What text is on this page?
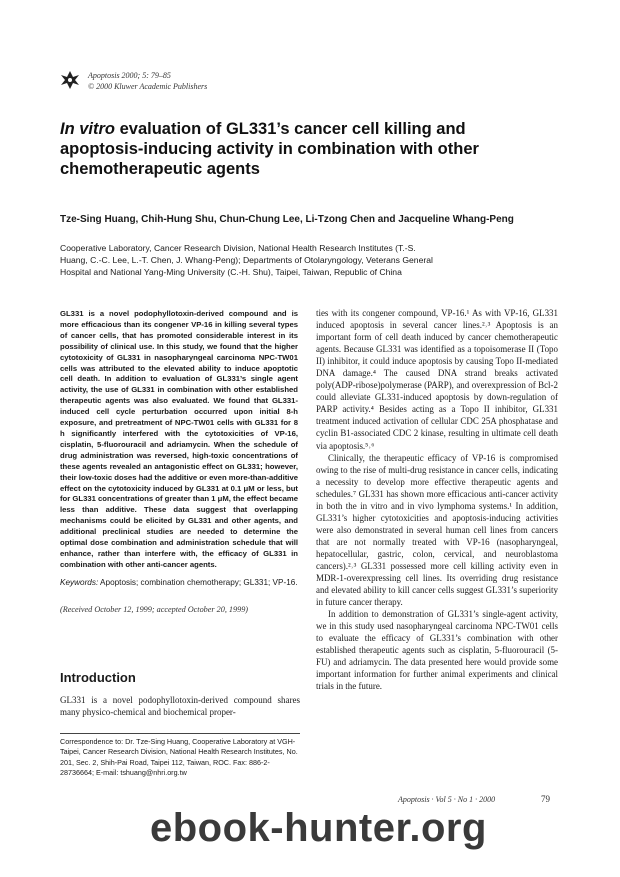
Apoptosis 2000; 5: 79–85
© 2000 Kluwer Academic Publishers
In vitro evaluation of GL331’s cancer cell killing and apoptosis-inducing activity in combination with other chemotherapeutic agents
Tze-Sing Huang, Chih-Hung Shu, Chun-Chung Lee, Li-Tzong Chen and Jacqueline Whang-Peng
Cooperative Laboratory, Cancer Research Division, National Health Research Institutes (T.-S. Huang, C.-C. Lee, L.-T. Chen, J. Whang-Peng); Departments of Otolaryngology, Veterans General Hospital and National Yang-Ming University (C.-H. Shu), Taipei, Taiwan, Republic of China
GL331 is a novel podophyllotoxin-derived compound and is more efficacious than its congener VP-16 in killing several types of cancer cells, that has promoted considerable interest in its possibility of clinical use. In this study, we found that the higher cytotoxicity of GL331 in nasopharyngeal carcinoma NPC-TW01 cells was attributed to the elevated ability to induce apoptotic cell death. In addition to evaluation of GL331’s single agent activity, the use of GL331 in combination with other established therapeutic agents was also evaluated. We found that GL331-induced cell cycle perturbation occurred upon initial 8-h exposure, and pretreatment of NPC-TW01 cells with GL331 for 8 h significantly interfered with the cytotoxicities of VP-16, cisplatin, 5-fluorouracil and adriamycin. When the schedule of drug administration was reversed, high-toxic concentrations of these agents revealed an antagonistic effect on GL331; however, their low-toxic doses had the additive or even more-than-additive effect on the cytotoxicity induced by GL331 at 0.1 μM or less, but for GL331 concentrations of greater than 1 μM, the effect became less than additive. These data suggest that overlapping mechanisms could be elicited by GL331 and other agents, and additional preclinical studies are needed to determine the optimal dose combination and administration schedule that will enhance, rather than interfere with, the efficacy of GL331 in combination with other anti-cancer agents.
Keywords: Apoptosis; combination chemotherapy; GL331; VP-16.
(Received October 12, 1999; accepted October 20, 1999)
Introduction
GL331 is a novel podophyllotoxin-derived compound shares many physico-chemical and biochemical proper-
Correspondence to: Dr. Tze-Sing Huang, Cooperative Laboratory at VGH-Taipei, Cancer Research Division, National Health Research Institutes, No. 201, Sec. 2, Shih-Pai Road, Taipei 112, Taiwan, ROC. Fax: 886-2-28736664; E-mail: tshuang@nhri.org.tw

ties with its congener compound, VP-16.¹ As with VP-16, GL331 induced apoptosis in several cancer lines.²˒³ Apoptosis is an important form of cell death induced by cancer chemotherapeutic agents. Because GL331 was identified as a topoisomerase II (Topo II) inhibitor, it could induce apoptosis by causing Topo II-mediated DNA damage.⁴ The caused DNA strand breaks activated poly(ADP-ribose)polymerase (PARP), and overexpression of Bcl-2 could alleviate GL331-induced apoptosis by down-regulation of PARP activity.⁴ Besides acting as a Topo II inhibitor, GL331 treatment induced activation of cellular CDC 25A phosphatase and cyclin B1-associated CDC 2 kinase, resulting in ultimate cell death via apoptosis.⁵˒⁶

Clinically, the therapeutic efficacy of VP-16 is compromised owing to the rise of multi-drug resistance in cancer cells, indicating a necessity to develop more effective therapeutic agents and schedules.⁷ GL331 has shown more efficacious anti-cancer activity in both the in vitro and in vivo lymphoma systems.¹ In addition, GL331’s higher cytotoxicities and apoptosis-inducing activities were also demonstrated in several human cell lines from cancers that are not normally treated with VP-16 (nasopharyngeal, hepatocellular, gastric, colon, cervical, and neuroblastoma cancers).²˒³ GL331 possessed more cell killing activity even in MDR-1-overexpressing cell lines. Its overriding drug resistance and elevated ability to kill cancer cells suggest GL331’s superiority in future cancer therapy.

In addition to demonstration of GL331’s single-agent activity, we in this study used nasopharyngeal carcinoma NPC-TW01 cells to evaluate the efficacy of GL331’s combination with other established therapeutic agents such as cisplatin, 5-fluorouracil (5-FU) and adriamycin. The data presented here would provide some important information for further animal experiments and clinical trials in the future.

Apoptosis · Vol 5 · No 1 · 2000	79
ebook-hunter.org
